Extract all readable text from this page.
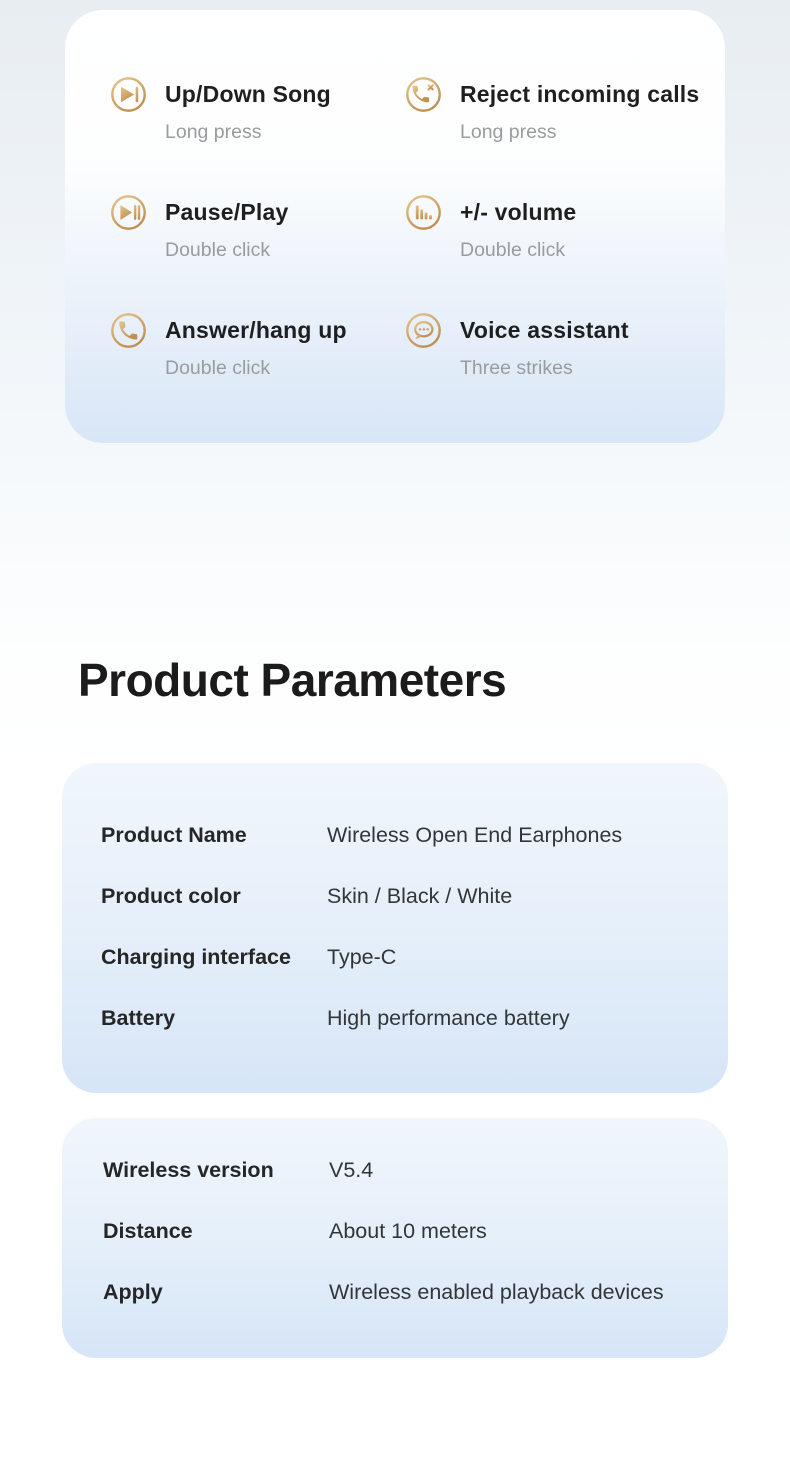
Up/Down Song
Long press
Reject incoming calls
Long press
Pause/Play
Double click
+/- volume
Double click
Answer/hang up
Double click
Voice assistant
Three strikes
Product Parameters
Product Name	Wireless Open End Earphones
Product color	Skin / Black / White
Charging interface	Type-C
Battery	High performance battery
Wireless version	V5.4
Distance	About 10 meters
Apply	Wireless enabled playback devices
